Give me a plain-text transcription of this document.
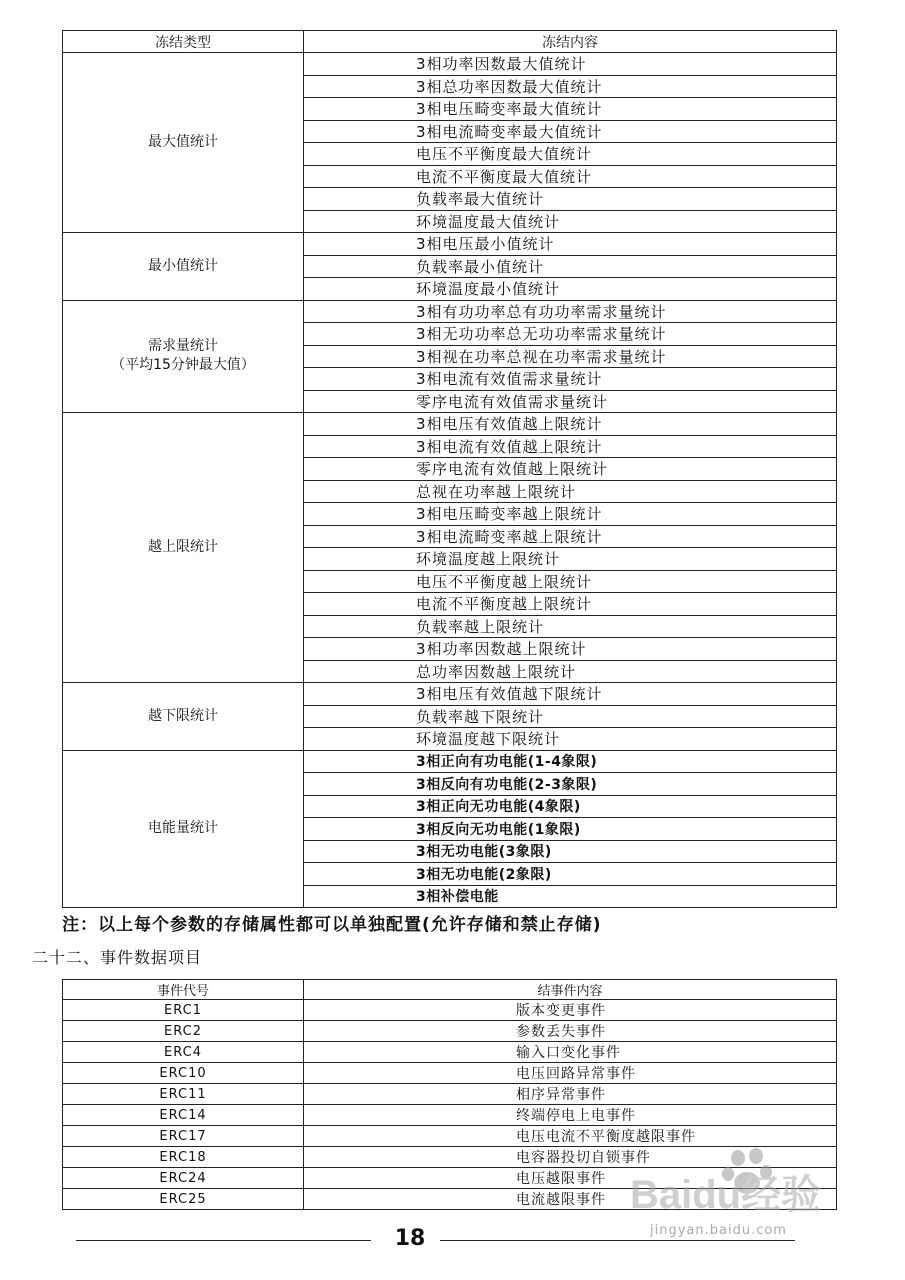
冻结类型	冻结内容

最大值统计	3相功率因数最大值统计
	3相总功率因数最大值统计
	3相电压畸变率最大值统计
	3相电流畸变率最大值统计
	电压不平衡度最大值统计
	电流不平衡度最大值统计
	负载率最大值统计
	环境温度最大值统计

最小值统计	3相电压最小值统计
	负载率最小值统计
	环境温度最小值统计

需求量统计
（平均15分钟最大值）	3相有功功率总有功功率需求量统计
	3相无功功率总无功功率需求量统计
	3相视在功率总视在功率需求量统计
	3相电流有效值需求量统计
	零序电流有效值需求量统计

越上限统计	3相电压有效值越上限统计
	3相电流有效值越上限统计
	零序电流有效值越上限统计
	总视在功率越上限统计
	3相电压畸变率越上限统计
	3相电流畸变率越上限统计
	环境温度越上限统计
	电压不平衡度越上限统计
	电流不平衡度越上限统计
	负载率越上限统计
	3相功率因数越上限统计
	总功率因数越上限统计

越下限统计	3相电压有效值越下限统计
	负载率越下限统计
	环境温度越下限统计

电能量统计	3相正向有功电能(1-4象限)
	3相反向有功电能(2-3象限)
	3相正向无功电能(4象限)
	3相反向无功电能(1象限)
	3相无功电能(3象限)
	3相无功电能(2象限)
	3相补偿电能
注：以上每个参数的存储属性都可以单独配置(允许存储和禁止存储)
二十二、事件数据项目
事件代号	结事件内容
ERC1	版本变更事件
ERC2	参数丢失事件
ERC4	输入口变化事件
ERC10	电压回路异常事件
ERC11	相序异常事件
ERC14	终端停电上电事件
ERC17	电压电流不平衡度越限事件
ERC18	电容器投切自锁事件
ERC24	电压越限事件
ERC25	电流越限事件
18
Baidu经验
jingyan.baidu.com
